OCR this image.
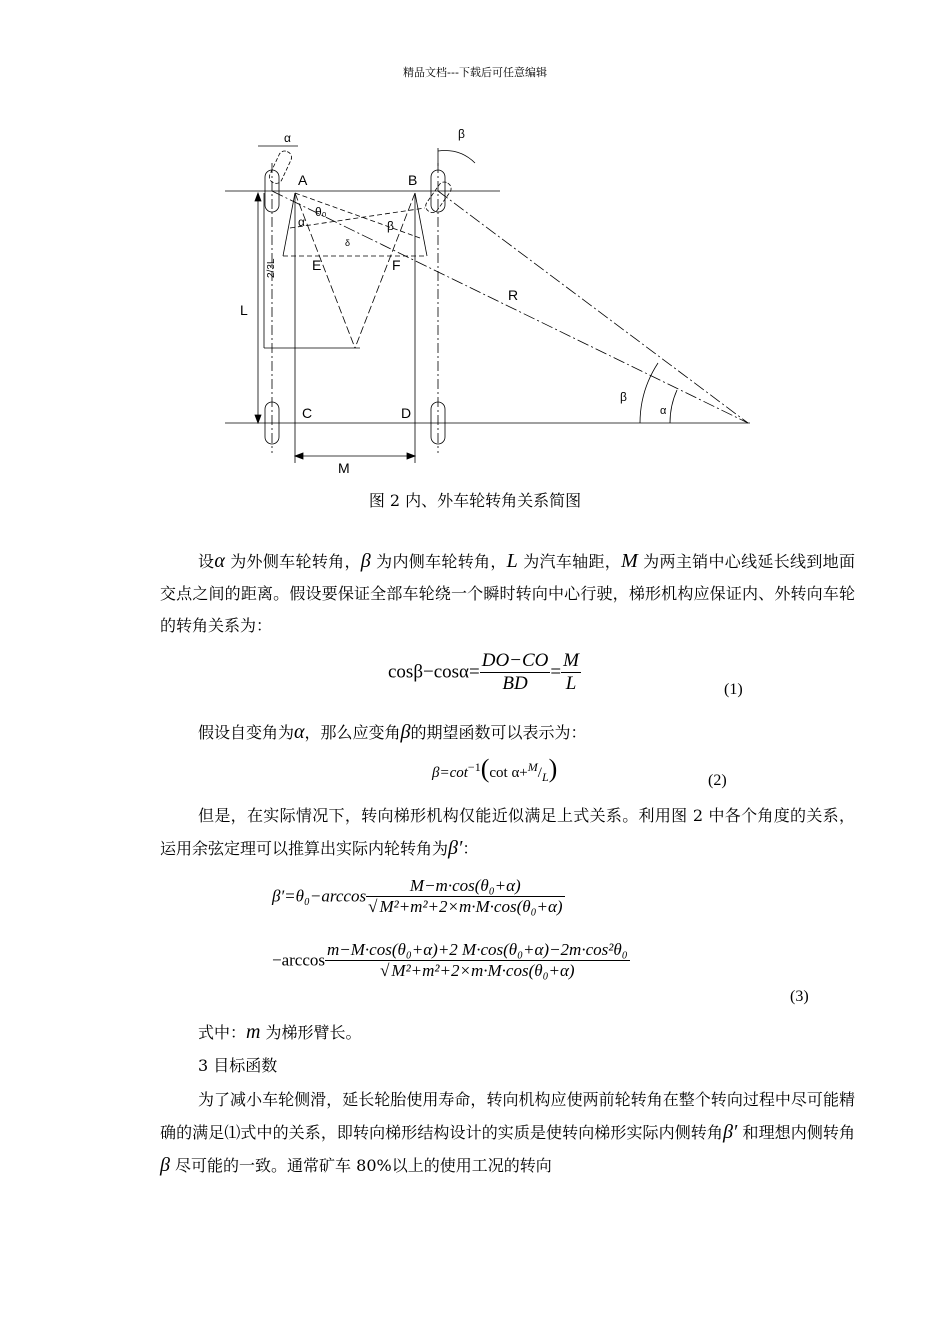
精品文档---下载后可任意编辑
A	B
C	D
E	F
R
L
M
2/3L
α	β
α
θ₀
β
δ
β
α
图 2 内、外车轮转角关系简图

设α 为外侧车轮转角，β 为内侧车轮转角，L 为汽车轴距，M 为两主销中心线延长线到地面交点之间的距离。假设要保证全部车轮绕一个瞬时转向中心行驶，梯形机构应保证内、外转向车轮的转角关系为：

$\cos\beta-\cos\alpha= \frac{DO-CO}{BD} = \frac{M}{L}$	(1)
假设自变角为α，那么应变角β的期望函数可以表示为：
$\beta=\cot^{-1}(\cot$ $\alpha+^M/_L$)	(2)

但是，在实际情况下，转向梯形机构仅能近似满足上式关系。利用图 2 中各个角度的关系，运用余弦定理可以推算出实际内轮转角为β′：

$\beta'=\theta_0-\arccos \frac{\text{M−m·cos(θ₀+α)}}{\text{√ M²+m²+2×m·M·cos(θ₀+α)}}$
$-\arccos \frac{\text{m−M·cos(θ₀+α)+2 M·cos(θ₀+α)−2m·cos²θ₀}}{\text{√ M²+m²+2×m·M·cos(θ₀+α)}}$
(3)
式中：m 为梯形臂长。
3 目标函数

为了减小车轮侧滑，延长轮胎使用寿命，转向机构应使两前轮转角在整个转向过程中尽可能精确的满足⑴式中的关系，即转向梯形结构设计的实质是使转向梯形实际内侧转角β′ 和理想内侧转角β 尽可能的一致。通常矿车 80%以上的使用工况的转向
